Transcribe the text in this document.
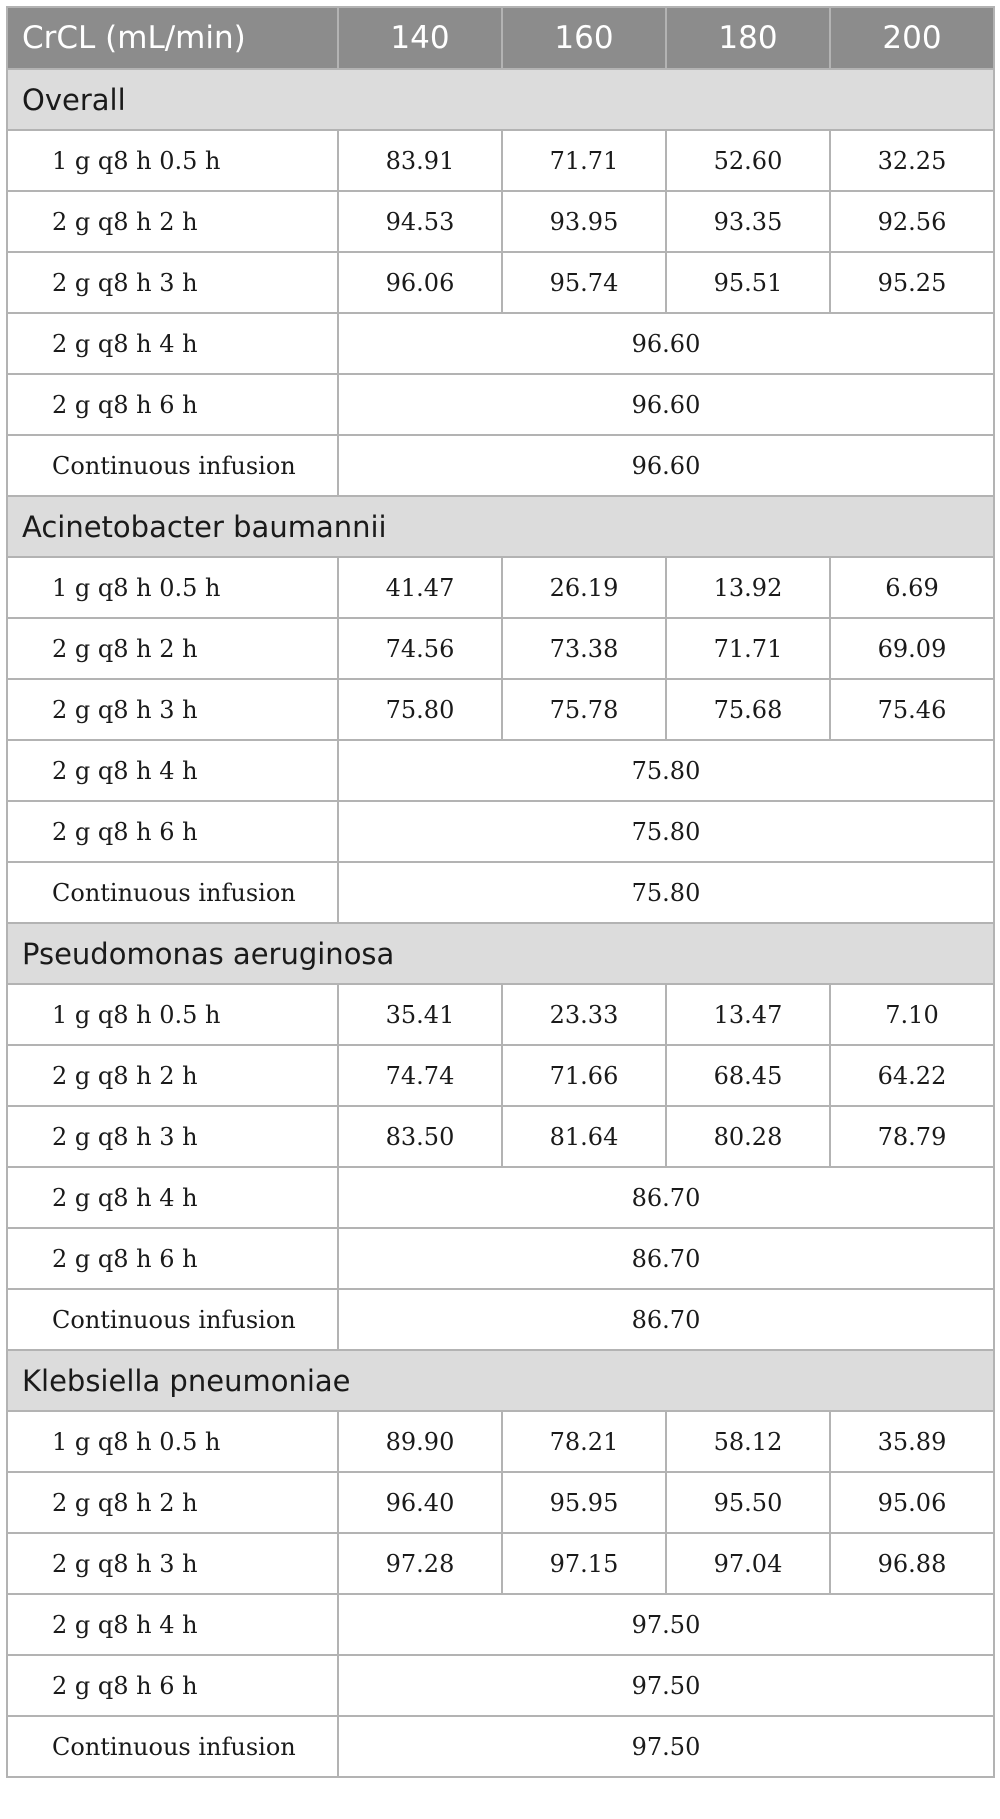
CrCL (mL/min)	140	160	180	200
Overall				
1 g q8 h 0.5 h	83.91	71.71	52.60	32.25
2 g q8 h 2 h	94.53	93.95	93.35	92.56
2 g q8 h 3 h	96.06	95.74	95.51	95.25
2 g q8 h 4 h	96.60			
2 g q8 h 6 h	96.60			
Continuous infusion	96.60			
Acinetobacter baumannii				
1 g q8 h 0.5 h	41.47	26.19	13.92	6.69
2 g q8 h 2 h	74.56	73.38	71.71	69.09
2 g q8 h 3 h	75.80	75.78	75.68	75.46
2 g q8 h 4 h	75.80			
2 g q8 h 6 h	75.80			
Continuous infusion	75.80			
Pseudomonas aeruginosa				
1 g q8 h 0.5 h	35.41	23.33	13.47	7.10
2 g q8 h 2 h	74.74	71.66	68.45	64.22
2 g q8 h 3 h	83.50	81.64	80.28	78.79
2 g q8 h 4 h	86.70			
2 g q8 h 6 h	86.70			
Continuous infusion	86.70			
Klebsiella pneumoniae				
1 g q8 h 0.5 h	89.90	78.21	58.12	35.89
2 g q8 h 2 h	96.40	95.95	95.50	95.06
2 g q8 h 3 h	97.28	97.15	97.04	96.88
2 g q8 h 4 h	97.50			
2 g q8 h 6 h	97.50			
Continuous infusion	97.50			
